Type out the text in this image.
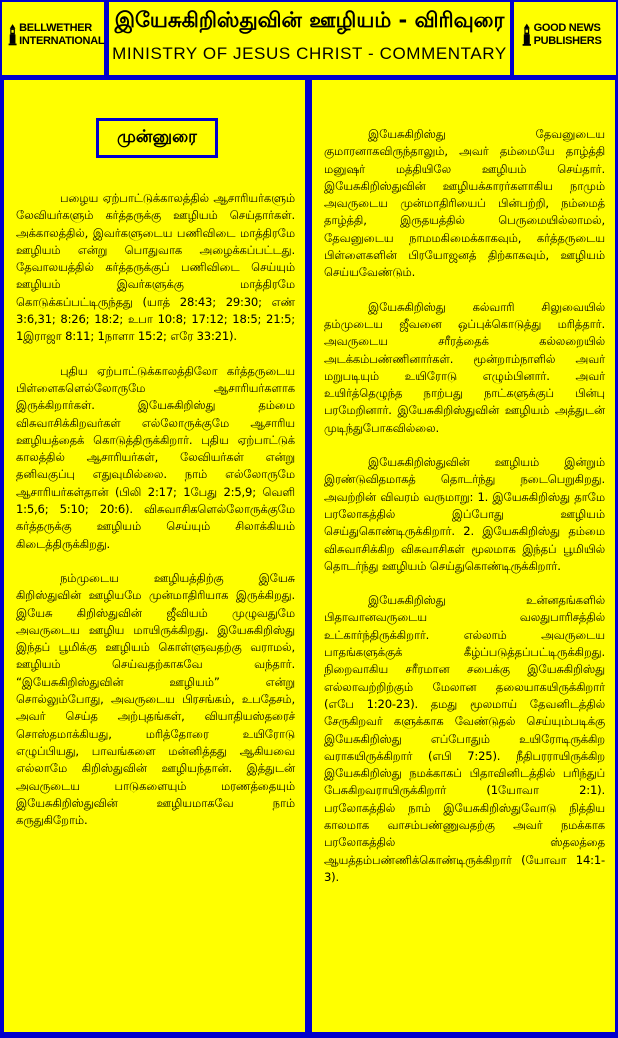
BELLWETHER INTERNATIONAL
இயேசுகிறிஸ்துவின் ஊழியம் - விரிவுரை
MINISTRY OF JESUS CHRIST - COMMENTARY
GOOD NEWS PUBLISHERS
முன்னுரை

பழைய ஏற்பாட்டுக்காலத்தில் ஆசாரியர்களும் லேவியர்களும் கர்த்தருக்கு ஊழியம் செய்தார்கள். அக்காலத்தில், இவர்களுடைய பணிவிடை மாத்திரமே ஊழியம் என்று பொதுவாக அழைக்கப்பட்டது. தேவாலயத்தில் கர்த்தருக்குப் பணிவிடை செய்யும் ஊழியம் இவர்களுக்கு மாத்திரமே கொடுக்கப்பட்டிருந்தது (யாத் 28:43; 29:30; எண் 3:6,31; 8:26; 18:2; உபா 10:8; 17:12; 18:5; 21:5; 1இராஜா 8:11; 1நாளா 15:2; எரே 33:21).

புதிய ஏற்பாட்டுக்காலத்திலோ கர்த்தருடைய பிள்ளைகளெல்லோருமே ஆசாரியர்களாக இருக்கிறார்கள். இயேசுகிறிஸ்து தம்மை விசுவாசிக்கிறவர்கள் எல்லோருக்குமே ஆசாரிய ஊழியத்தைக் கொடுத்திருக்கிறார். புதிய ஏற்பாட்டுக் காலத்தில் ஆசாரியர்கள், லேவியர்கள் என்று தனிவகுப்பு எதுவுமில்லை. நாம் எல்லோருமே ஆசாரியர்கள்தான் (பிலி 2:17; 1பேது 2:5,9; வெளி 1:5,6; 5:10; 20:6). விசுவாசிகளெல்லோருக்குமே கர்த்தருக்கு ஊழியம் செய்யும் சிலாக்கியம் கிடைத்திருக்கிறது.

நம்முடைய ஊழியத்திற்கு இயேசு கிறிஸ்துவின் ஊழியமே முன்மாதிரியாக இருக்கிறது. இயேசு கிறிஸ்துவின் ஜீவியம் முழுவதுமே அவருடைய ஊழிய மாயிருக்கிறது. இயேசுகிறிஸ்து இந்தப் பூமிக்கு ஊழியம் கொள்ளுவதற்கு வராமல், ஊழியம் செய்வதற்காகவே வந்தார். “இயேசுகிறிஸ்துவின் ஊழியம்” என்று சொல்லும்போது, அவருடைய பிரசங்கம், உபதேசம், அவர் செய்த அற்புதங்கள், வியாதியஸ்தரைச் சொஸ்தமாக்கியது, மரித்தோரை உயிரோடு எழுப்பியது, பாவங்களை மன்னித்தது ஆகியவை எல்லாமே கிறிஸ்துவின் ஊழியந்தான். இத்துடன் அவருடைய பாடுகளையும் மரணத்தையும் இயேசுகிறிஸ்துவின் ஊழியமாகவே நாம் கருதுகிறோம்.

இயேசுகிறிஸ்து தேவனுடைய குமாரனாகவிருந்தாலும், அவர் தம்மையே தாழ்த்தி மனுஷர் மத்தியிலே ஊழியம் செய்தார். இயேசுகிறிஸ்துவின் ஊழியக்காரர்களாகிய நாமும் அவருடைய முன்மாதிரியைப் பின்பற்றி, நம்மைத் தாழ்த்தி, இருதயத்தில் பெருமையில்லாமல், தேவனுடைய நாமமகிமைக்காகவும், கர்த்தருடைய பிள்ளைகளின் பிரயோஜனத் திற்காகவும், ஊழியம் செய்யவேண்டும்.

இயேசுகிறிஸ்து கல்வாரி சிலுவையில் தம்முடைய ஜீவனை ஒப்புக்கொடுத்து மரித்தார். அவருடைய சரீரத்தைக் கல்லறையில் அடக்கம்பண்ணினார்கள். மூன்றாம்நாளில் அவர் மறுபடியும் உயிரோடு எழும்பினார். அவர் உயிர்த்தெழுந்த நாற்பது நாட்களுக்குப் பின்பு பரமேறினார். இயேசுகிறிஸ்துவின் ஊழியம் அத்துடன் முடிந்துபோகவில்லை.

இயேசுகிறிஸ்துவின் ஊழியம் இன்றும் இரண்டுவிதமாகத் தொடர்ந்து நடைபெறுகிறது. அவற்றின் விவரம் வருமாறு: 1. இயேசுகிறிஸ்து தாமே பரலோகத்தில் இப்போது ஊழியம் செய்துகொண்டிருக்கிறார். 2. இயேசுகிறிஸ்து தம்மை விசுவாசிக்கிற விசுவாசிகள் மூலமாக இந்தப் பூமியில் தொடர்ந்து ஊழியம் செய்துகொண்டிருக்கிறார்.

இயேசுகிறிஸ்து உன்னதங்களில் பிதாவானவருடைய வலதுபாரிசத்தில் உட்கார்ந்திருக்கிறார். எல்லாம் அவருடைய பாதங்களுக்குக் கீழ்ப்படுத்தப்பட்டிருக்கிறது. நிறைவாகிய சரீரமான சபைக்கு இயேசுகிறிஸ்து எல்லாவற்றிற்கும் மேலான தலையாகயிருக்கிறார் (எபே 1:20-23). தமது மூலமாய் தேவனிடத்தில் சேருகிறவர் களுக்காக வேண்டுதல் செய்யும்படிக்கு இயேசுகிறிஸ்து எப்போதும் உயிரோடிருக்கிற வராகயிருக்கிறார் (எபி 7:25). நீதிபரராயிருக்கிற இயேசுகிறிஸ்து நமக்காகப் பிதாவினிடத்தில் பரிந்துப் பேசுகிறவராயிருக்கிறார் (1யோவா 2:1). பரலோகத்தில் நாம் இயேசுகிறிஸ்துவோடு நித்திய காலமாக வாசம்பண்ணுவதற்கு அவர் நமக்காக பரலோகத்தில் ஸ்தலத்தை ஆயத்தம்பண்ணிக்கொண்டிருக்கிறார் (யோவா 14:1-3).
